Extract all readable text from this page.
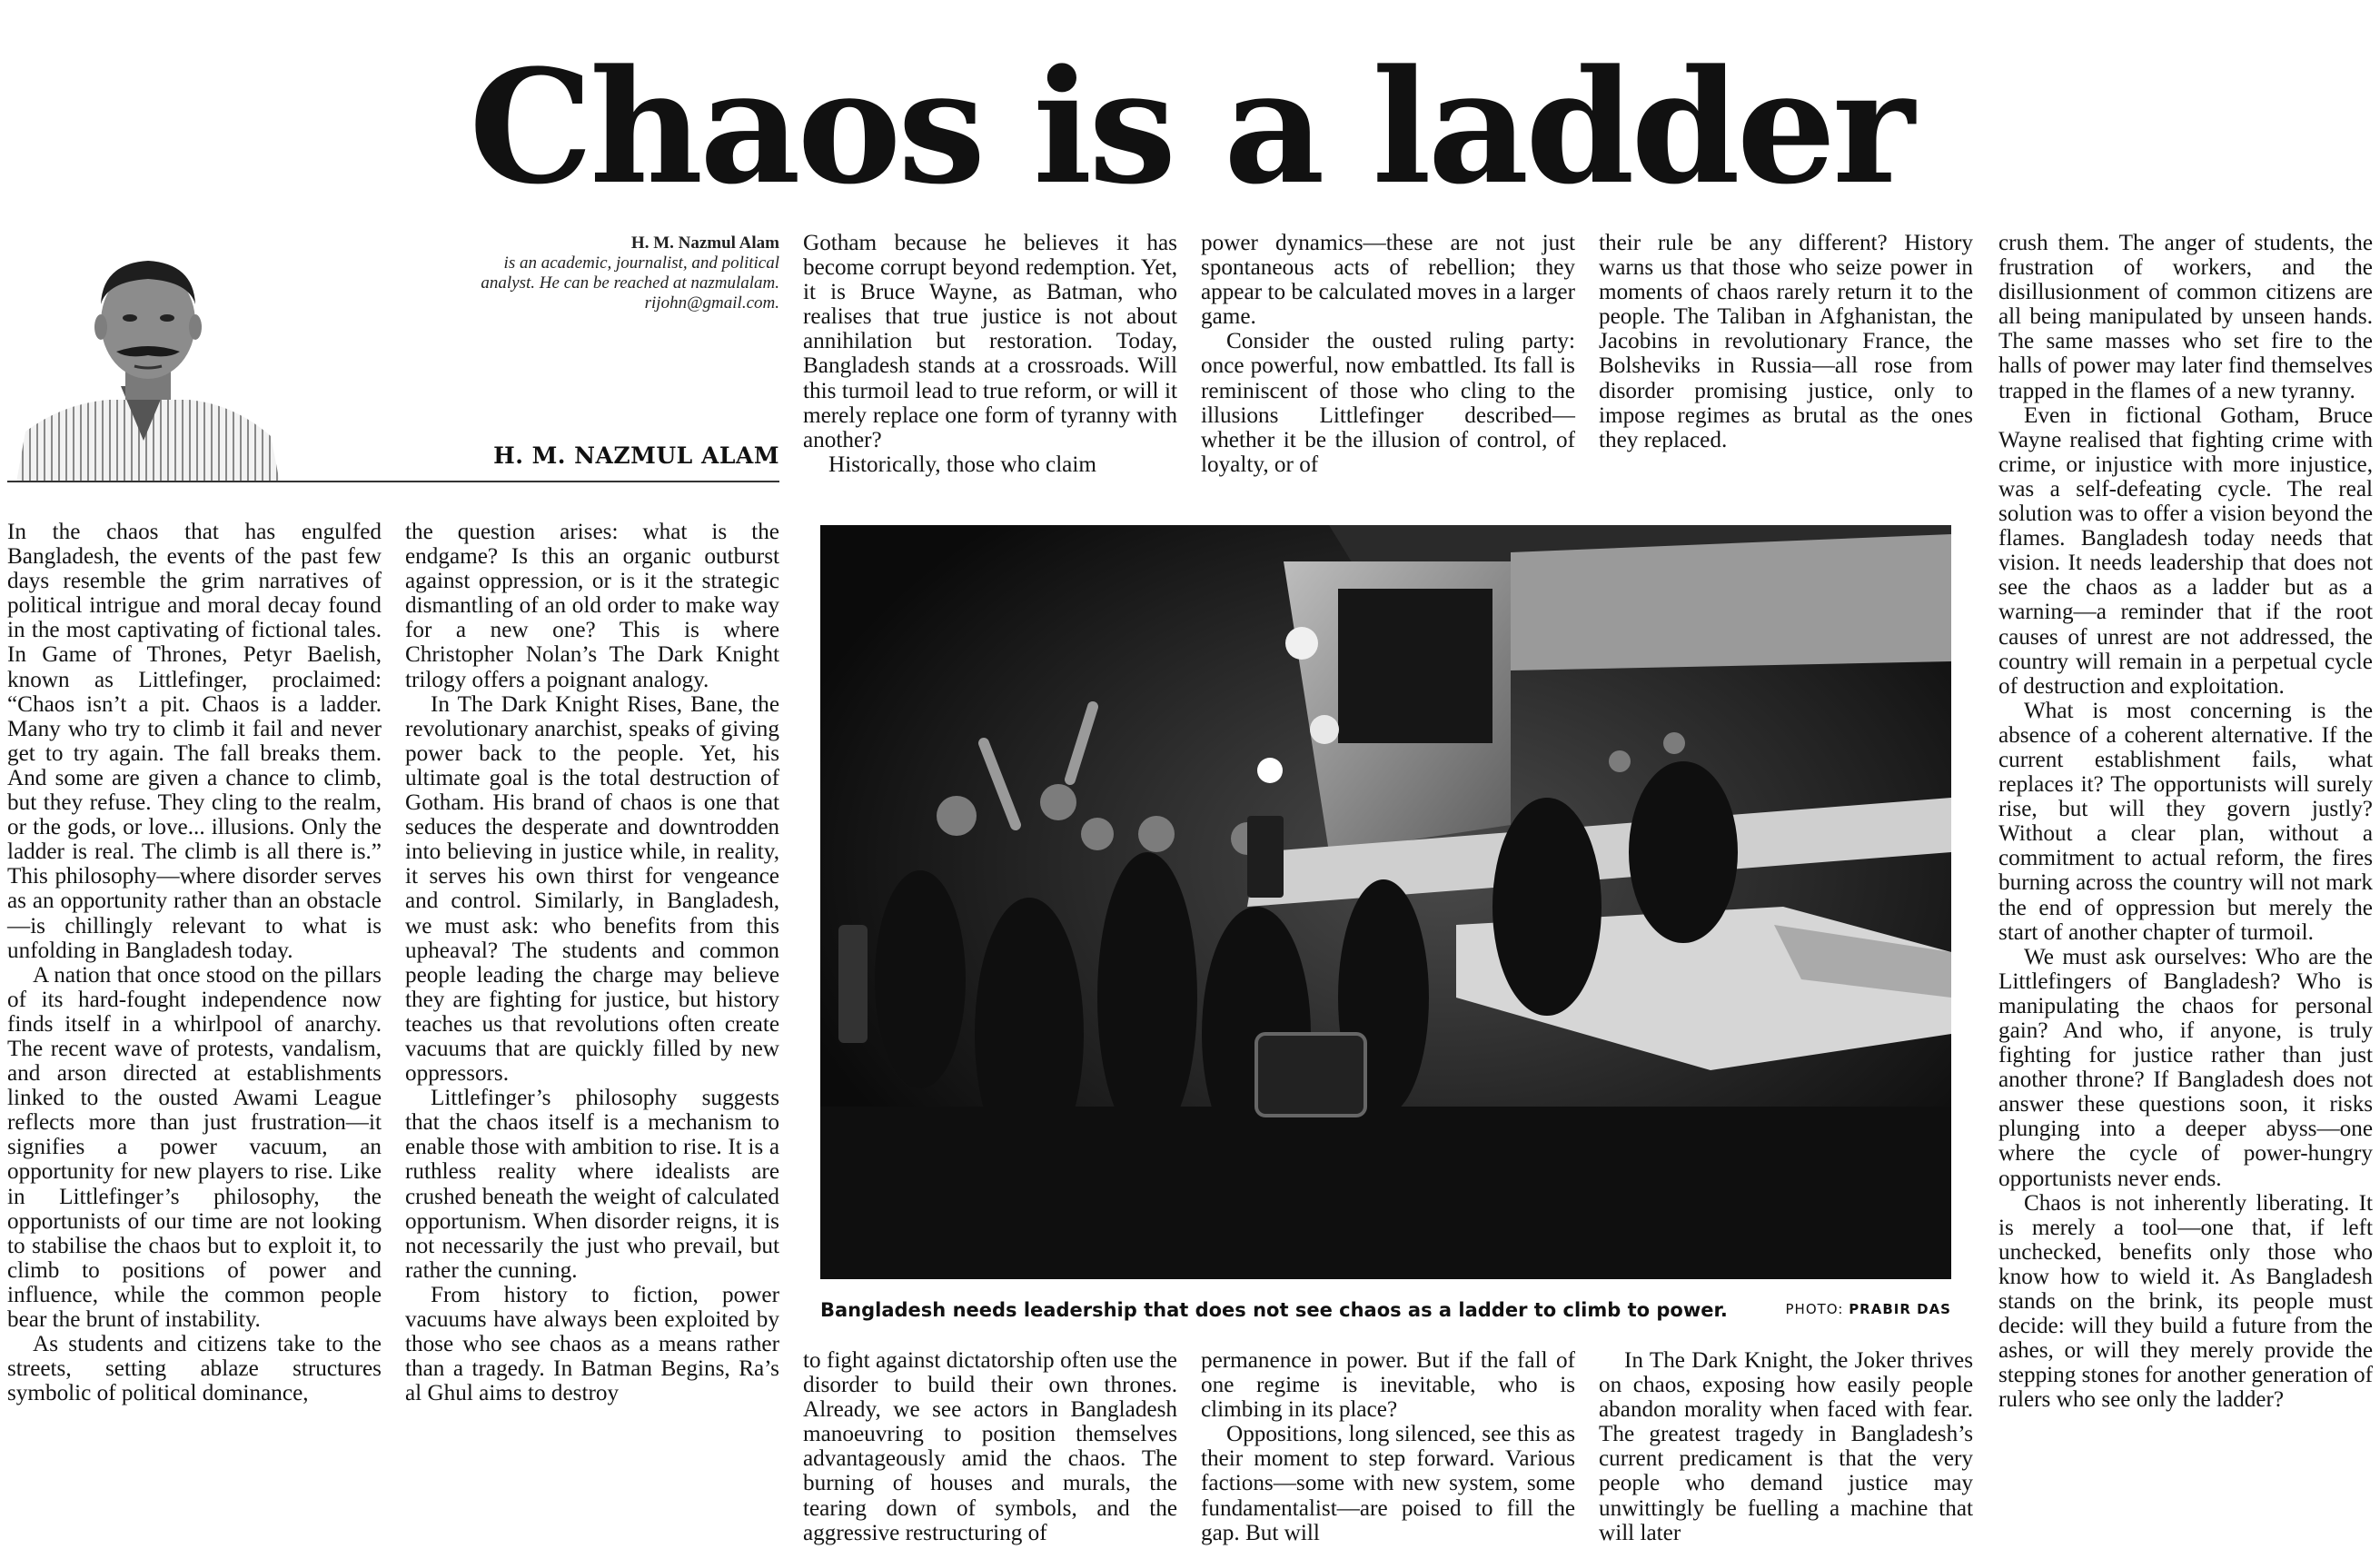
Chaos is a ladder
H. M. Nazmul Alam
is an academic, journalist, and political
analyst. He can be reached at nazmulalam.
rijohn@gmail.com.
H. M. NAZMUL ALAM

In the chaos that has engulfed Bangladesh, the events of the past few days resemble the grim narratives of political intrigue and moral decay found in the most captivating of fictional tales. In Game of Thrones, Petyr Baelish, known as Littlefinger, proclaimed: “Chaos isn’t a pit. Chaos is a ladder. Many who try to climb it fail and never get to try again. The fall breaks them. And some are given a chance to climb, but they refuse. They cling to the realm, or the gods, or love... illusions. Only the ladder is real. The climb is all there is.” This philosophy—where disorder serves as an opportunity rather than an obstacle—is chillingly relevant to what is unfolding in Bangladesh today.

A nation that once stood on the pillars of its hard-fought independence now finds itself in a whirlpool of anarchy. The recent wave of protests, vandalism, and arson directed at establishments linked to the ousted Awami League reflects more than just frustration—it signifies a power vacuum, an opportunity for new players to rise. Like in Littlefinger’s philosophy, the opportunists of our time are not looking to stabilise the chaos but to exploit it, to climb to positions of power and influence, while the common people bear the brunt of instability.

As students and citizens take to the streets, setting ablaze structures symbolic of political dominance,

the question arises: what is the endgame? Is this an organic outburst against oppression, or is it the strategic dismantling of an old order to make way for a new one? This is where Christopher Nolan’s The Dark Knight trilogy offers a poignant analogy.

In The Dark Knight Rises, Bane, the revolutionary anarchist, speaks of giving power back to the people. Yet, his ultimate goal is the total destruction of Gotham. His brand of chaos is one that seduces the desperate and downtrodden into believing in justice while, in reality, it serves his own thirst for vengeance and control. Similarly, in Bangladesh, we must ask: who benefits from this upheaval? The students and common people leading the charge may believe they are fighting for justice, but history teaches us that revolutions often create vacuums that are quickly filled by new oppressors.

Littlefinger’s philosophy suggests that the chaos itself is a mechanism to enable those with ambition to rise. It is a ruthless reality where idealists are crushed beneath the weight of calculated opportunism. When disorder reigns, it is not necessarily the just who prevail, but rather the cunning.

From history to fiction, power vacuums have always been exploited by those who see chaos as a means rather than a tragedy. In Batman Begins, Ra’s al Ghul aims to destroy

Gotham because he believes it has become corrupt beyond redemption. Yet, it is Bruce Wayne, as Batman, who realises that true justice is not about annihilation but restoration. Today, Bangladesh stands at a crossroads. Will this turmoil lead to true reform, or will it merely replace one form of tyranny with another?

Historically, those who claim

power dynamics—these are not just spontaneous acts of rebellion; they appear to be calculated moves in a larger game.

Consider the ousted ruling party: once powerful, now embattled. Its fall is reminiscent of those who cling to the illusions Littlefinger described—whether it be the illusion of control, of loyalty, or of

their rule be any different? History warns us that those who seize power in moments of chaos rarely return it to the people. The Taliban in Afghanistan, the Jacobins in revolutionary France, the Bolsheviks in Russia—all rose from disorder promising justice, only to impose regimes as brutal as the ones they replaced.

crush them. The anger of students, the frustration of workers, and the disillusionment of common citizens are all being manipulated by unseen hands. The same masses who set fire to the halls of power may later find themselves trapped in the flames of a new tyranny.

Even in fictional Gotham, Bruce Wayne realised that fighting crime with crime, or injustice with more injustice, was a self-defeating cycle. The real solution was to offer a vision beyond the flames. Bangladesh today needs that vision. It needs leadership that does not see the chaos as a ladder but as a warning—a reminder that if the root causes of unrest are not addressed, the country will remain in a perpetual cycle of destruction and exploitation.

What is most concerning is the absence of a coherent alternative. If the current establishment fails, what replaces it? The opportunists will surely rise, but will they govern justly? Without a clear plan, without a commitment to actual reform, the fires burning across the country will not mark the end of oppression but merely the start of another chapter of turmoil.

We must ask ourselves: Who are the Littlefingers of Bangladesh? Who is manipulating the chaos for personal gain? And who, if anyone, is truly fighting for justice rather than just another throne? If Bangladesh does not answer these questions soon, it risks plunging into a deeper abyss—one where the cycle of power-hungry opportunists never ends.

Chaos is not inherently liberating. It is merely a tool—one that, if left unchecked, benefits only those who know how to wield it. As Bangladesh stands on the brink, its people must decide: will they build a future from the ashes, or will they merely provide the stepping stones for another generation of rulers who see only the ladder?

Bangladesh needs leadership that does not see chaos as a ladder to climb to power.	PHOTO: PRABIR DAS

to fight against dictatorship often use the disorder to build their own thrones. Already, we see actors in Bangladesh manoeuvring to position themselves advantageously amid the chaos. The burning of houses and murals, the tearing down of symbols, and the aggressive restructuring of

permanence in power. But if the fall of one regime is inevitable, who is climbing in its place?

Oppositions, long silenced, see this as their moment to step forward. Various factions—some with new system, some fundamentalist—are poised to fill the gap. But will

In The Dark Knight, the Joker thrives on chaos, exposing how easily people abandon morality when faced with fear. The greatest tragedy in Bangladesh’s current predicament is that the very people who demand justice may unwittingly be fuelling a machine that will later
